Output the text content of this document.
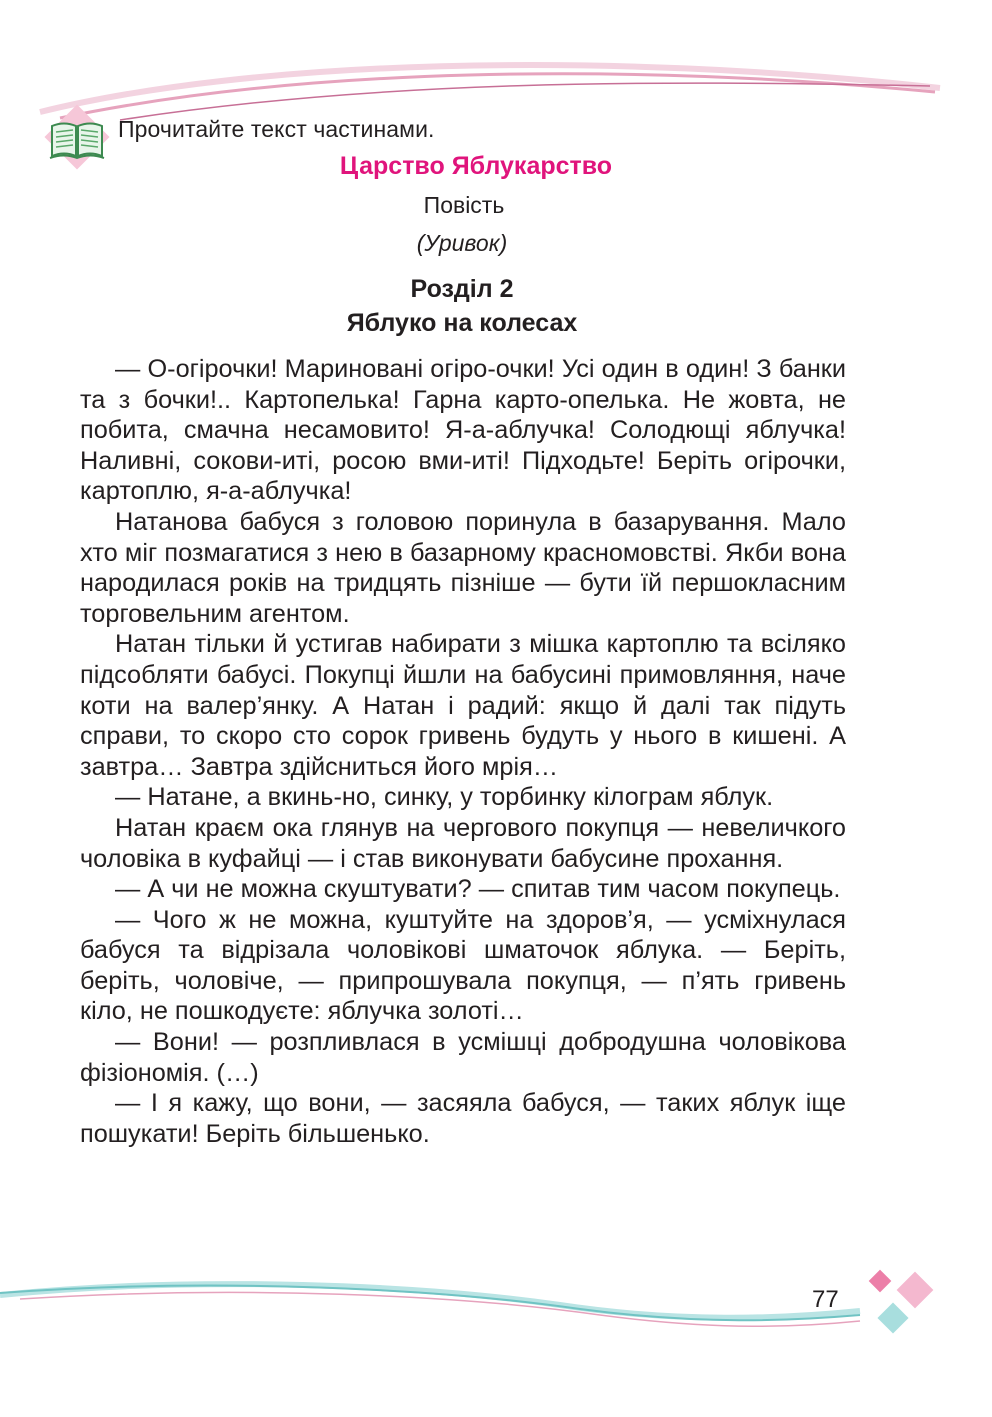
Прочитайте текст частинами.
Царство Яблукарство
Повість
(Уривок)
Розділ 2
Яблуко на колесах

— О-огірочки! Мариновані огіро-очки! Усі один в один! З банки та з бочки!.. Картопелька! Гарна карто-опелька. Не жовта, не побита, смачна несамовито! Я-а-аблучка! Солодющі яблучка! Наливні, сокови-иті, росою вми-иті! Підходьте! Беріть огірочки, картоплю, я-а-аблучка!

Натанова бабуся з головою поринула в базарування. Мало хто міг позмагатися з нею в базарному красномовстві. Якби вона народилася років на тридцять пізніше — бути їй першокласним торговельним агентом.

Натан тільки й устигав набирати з мішка картоплю та всіляко підсобляти бабусі. Покупці йшли на бабусині примовляння, наче коти на валер’янку. А Натан і радий: якщо й далі так підуть справи, то скоро сто сорок гривень будуть у нього в кишені. А завтра… Завтра здійсниться його мрія…

— Натане, а вкинь-но, синку, у торбинку кілограм яблук.

Натан краєм ока глянув на чергового покупця — невеличкого чоловіка в куфайці — і став виконувати бабусине прохання.

— А чи не можна скуштувати? — спитав тим часом покупець.

— Чого ж не можна, куштуйте на здоров’я, — усміхнулася бабуся та відрізала чоловікові шматочок яблука. — Беріть, беріть, чоловіче, — припрошувала покупця, — п’ять гривень кіло, не пошкодуєте: яблучка золоті…

— Вони! — розпливлася в усмішці добродушна чоловікова фізіономія. (…)

— І я кажу, що вони, — засяяла бабуся, — таких яблук іще пошукати! Беріть більшенько.

77
